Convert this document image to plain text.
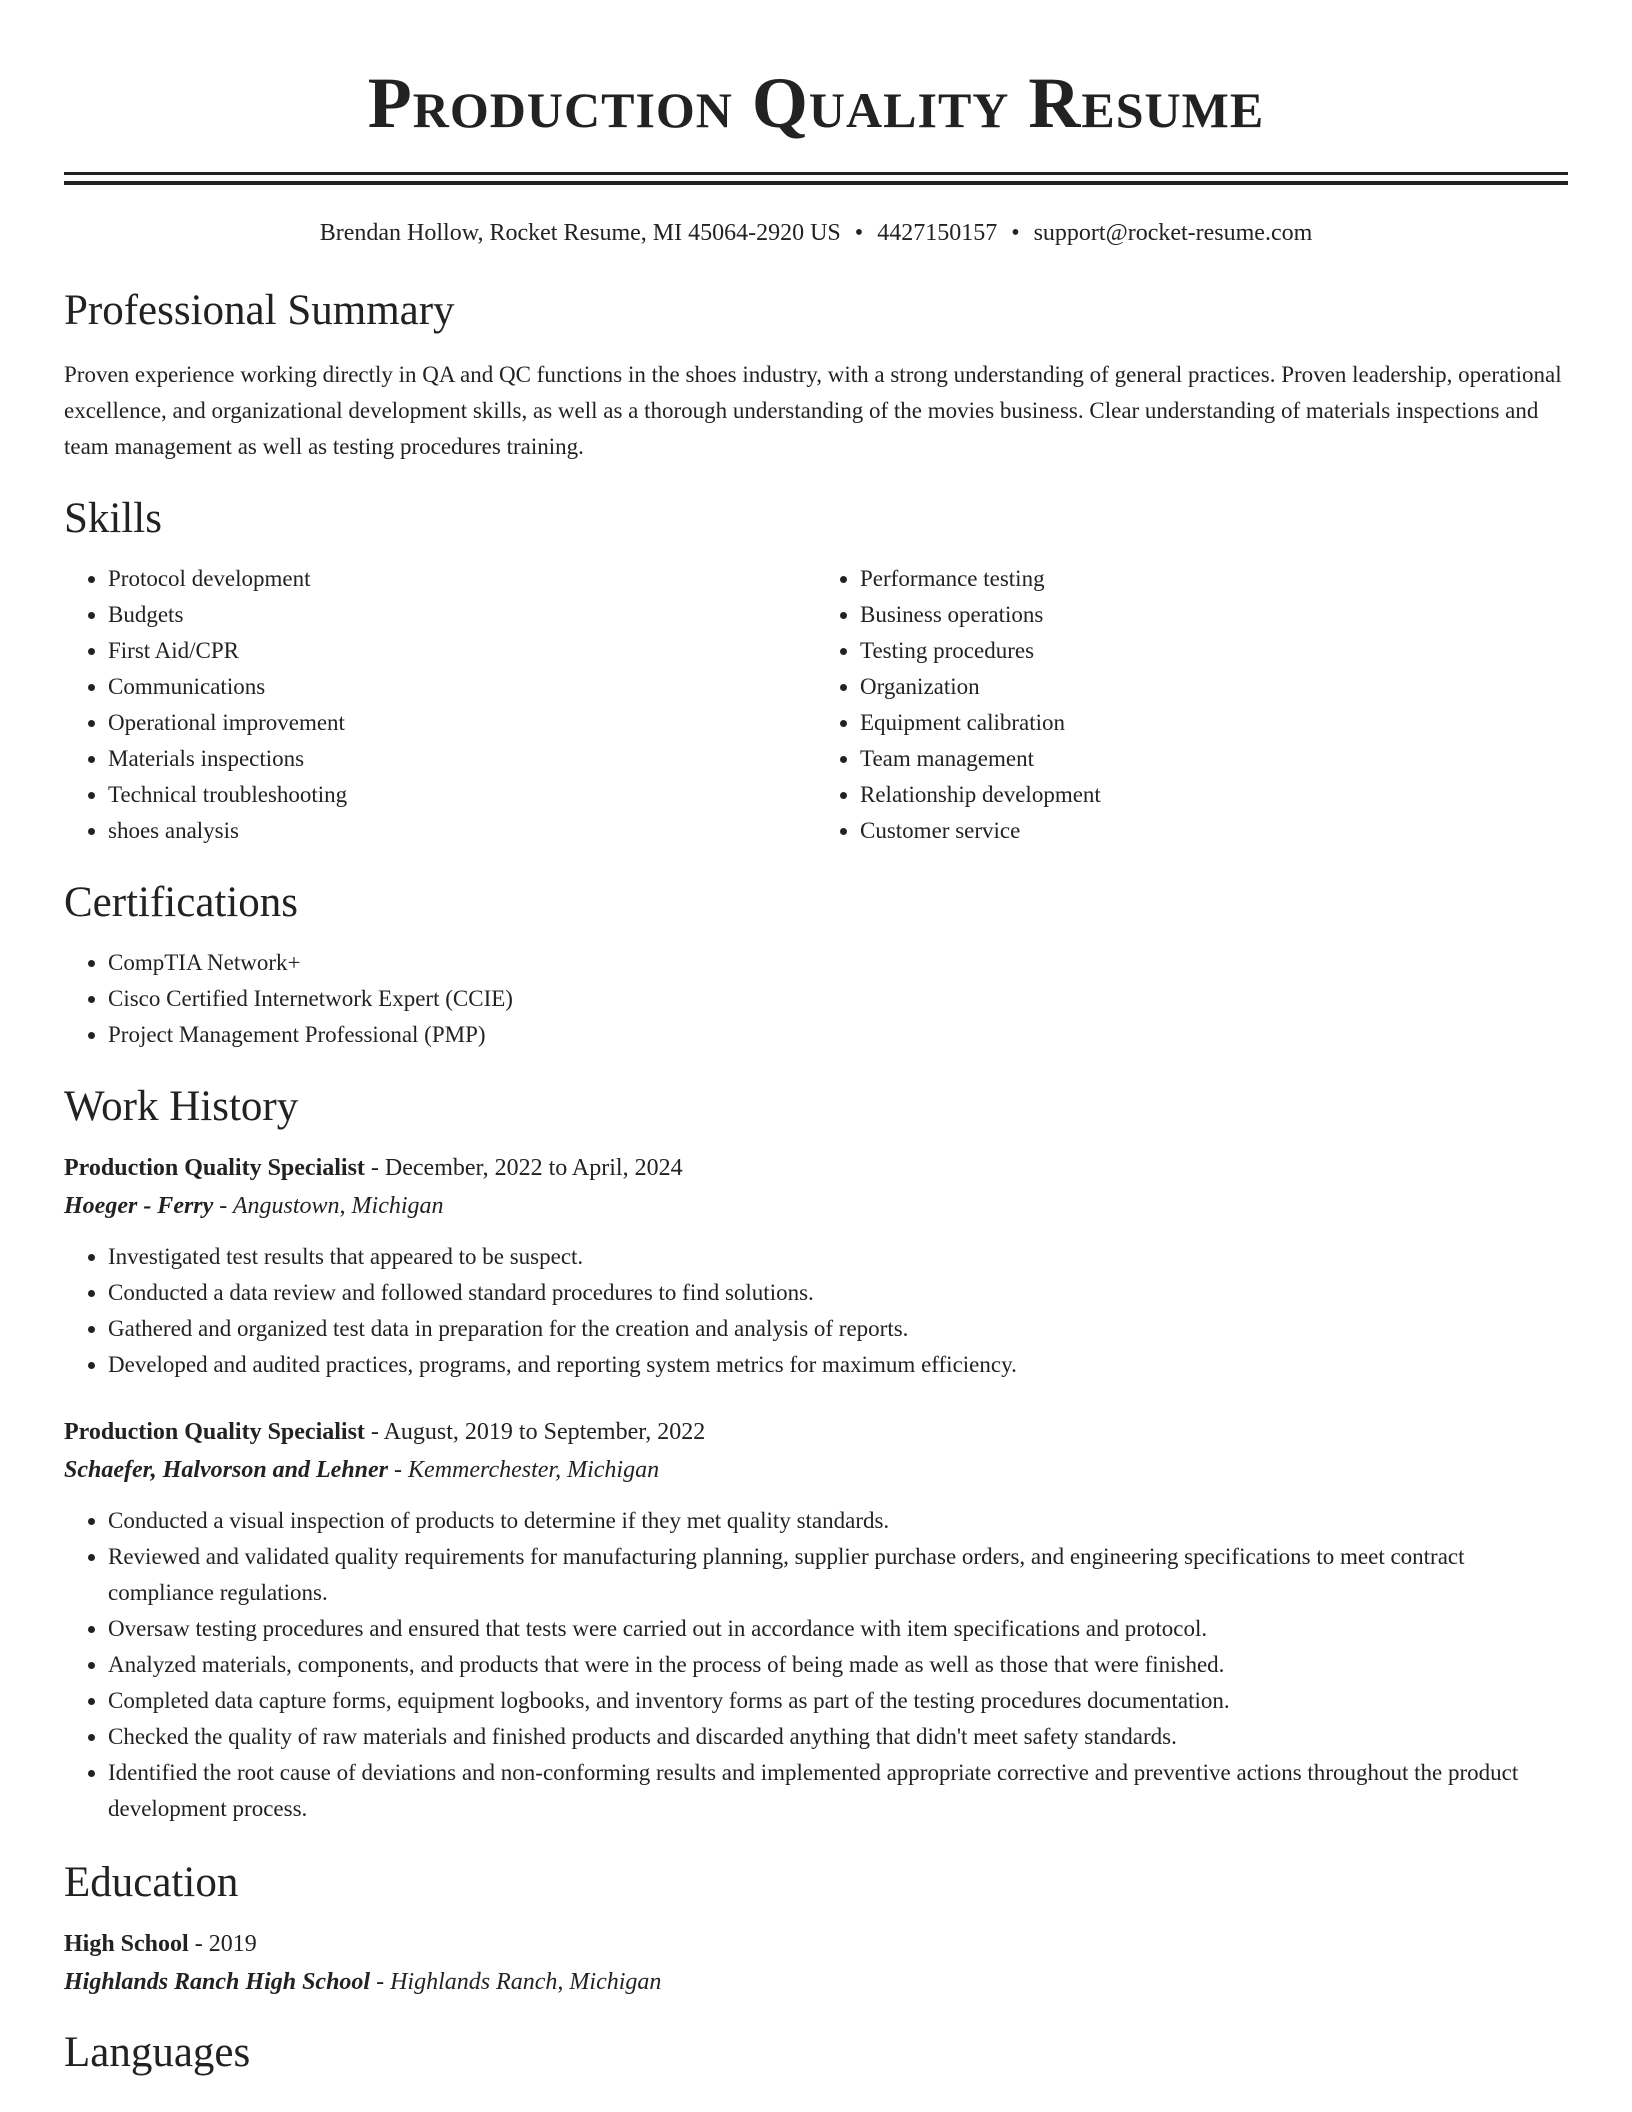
Production Quality Resume
Brendan Hollow, Rocket Resume, MI 45064-2920 US • 4427150157 • support@rocket-resume.com
Professional Summary

Proven experience working directly in QA and QC functions in the shoes industry, with a strong understanding of general practices. Proven leadership, operational excellence, and organizational development skills, as well as a thorough understanding of the movies business. Clear understanding of materials inspections and team management as well as testing procedures training.

Skills
• Protocol development
• Budgets
• First Aid/CPR
• Communications
• Operational improvement
• Materials inspections
• Technical troubleshooting
• shoes analysis
• Performance testing
• Business operations
• Testing procedures
• Organization
• Equipment calibration
• Team management
• Relationship development
• Customer service
Certifications
• CompTIA Network+
• Cisco Certified Internetwork Expert (CCIE)
• Project Management Professional (PMP)
Work History
Production Quality Specialist - December, 2022 to April, 2024
Hoeger - Ferry - Angustown, Michigan
• Investigated test results that appeared to be suspect.
• Conducted a data review and followed standard procedures to find solutions.
• Gathered and organized test data in preparation for the creation and analysis of reports.
• Developed and audited practices, programs, and reporting system metrics for maximum efficiency.
Production Quality Specialist - August, 2019 to September, 2022
Schaefer, Halvorson and Lehner - Kemmerchester, Michigan
• Conducted a visual inspection of products to determine if they met quality standards.
• Reviewed and validated quality requirements for manufacturing planning, supplier purchase orders, and engineering specifications to meet contract compliance regulations.
• Oversaw testing procedures and ensured that tests were carried out in accordance with item specifications and protocol.
• Analyzed materials, components, and products that were in the process of being made as well as those that were finished.
• Completed data capture forms, equipment logbooks, and inventory forms as part of the testing procedures documentation.
• Checked the quality of raw materials and finished products and discarded anything that didn't meet safety standards.
• Identified the root cause of deviations and non-conforming results and implemented appropriate corrective and preventive actions throughout the product development process.
Education
High School - 2019
Highlands Ranch High School - Highlands Ranch, Michigan
Languages
